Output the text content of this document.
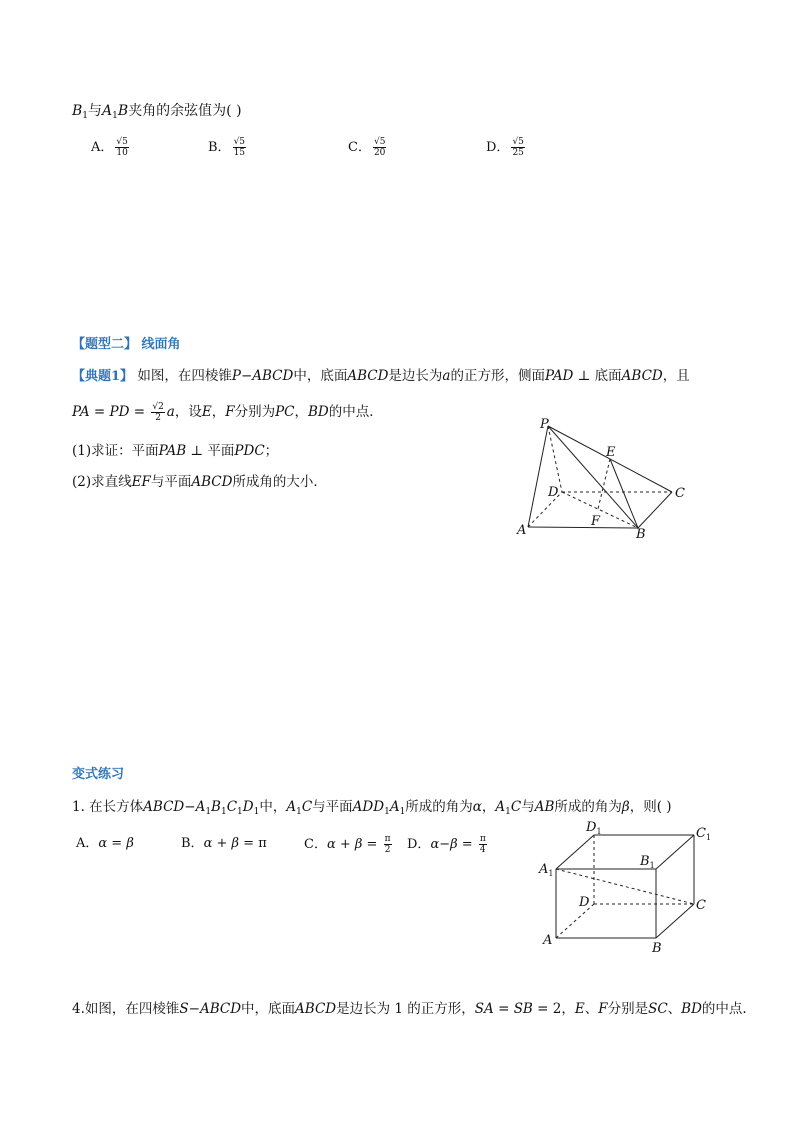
$B_1$与$A_1B$夹角的余弦值为( )
A． $\frac{√5}{10}$	B． $\frac{√5}{15}$	C． $\frac{√5}{20}$	D． $\frac{√5}{25}$
【题型二】 线面角
【典题1】 如图，在四棱锥P−ABCD中，底面ABCD是边长为a的正方形，侧面PAD ⊥ 底面ABCD，且
PA = PD = $\frac{√2}{2}$ a，设E，F分别为PC，BD的中点．
(1)求证：平面PAB ⊥ 平面PDC；
(2)求直线EF与平面ABCD所成角的大小．
P
E
D	C
F
A	B
变式练习
1. 在长方体$ABCD-A_1B_1C_1D_1$中，$A_1C$与平面$ADD_1A_1$所成的角为α，$A_1C$与AB所成的角为β，则( )
A．α = β	B．α + β = π	C．$\alpha + \beta = \frac{\pi}{2}$ D．$\alpha-\beta = \frac{\pi}{4}$
$D_1$	$C_1$
$B_1$
$A_1$
D	C
A
B
4.如图，在四棱锥S−ABCD中，底面ABCD是边长为 1 的正方形，SA = SB = 2，E、F分别是SC、BD的中点.
